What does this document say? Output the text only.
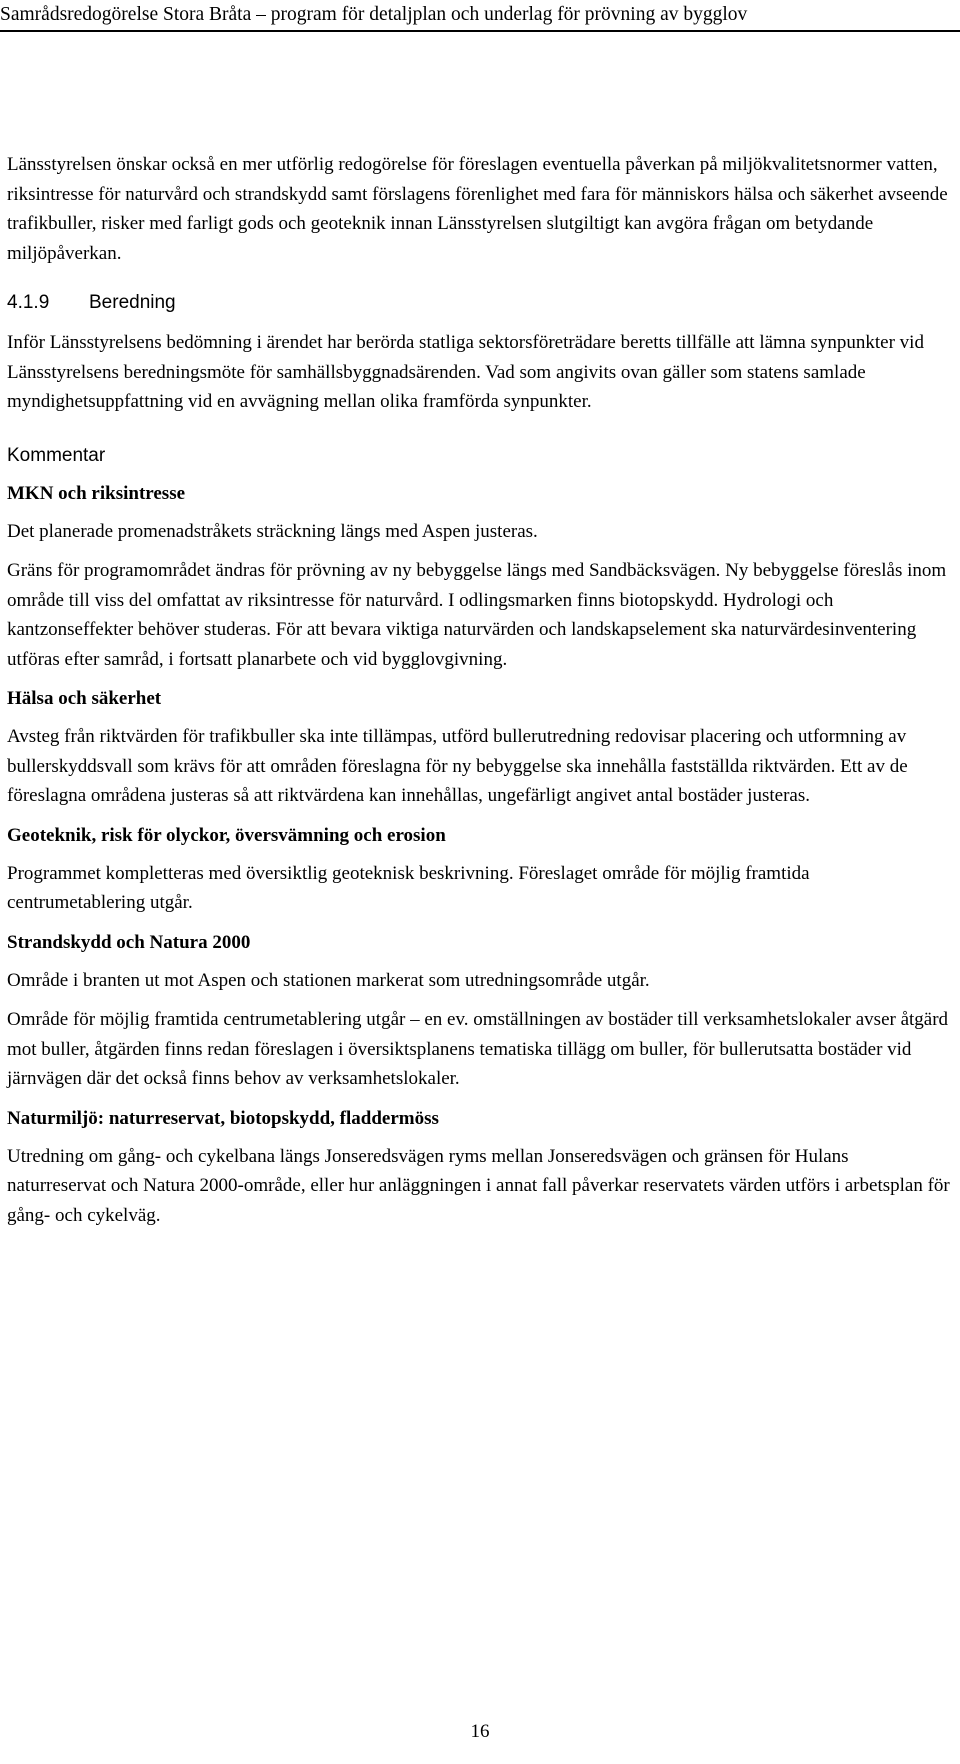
Samrådsredogörelse Stora Bråta – program för detaljplan och underlag för prövning av bygglov

Länsstyrelsen önskar också en mer utförlig redogörelse för föreslagen eventuella påverkan på miljökvalitetsnormer vatten, riksintresse för naturvård och strandskydd samt förslagens förenlighet med fara för människors hälsa och säkerhet avseende trafikbuller, risker med farligt gods och geoteknik innan Länsstyrelsen slutgiltigt kan avgöra frågan om betydande miljöpåverkan.

4.1.9 Beredning

Inför Länsstyrelsens bedömning i ärendet har berörda statliga sektorsföreträdare beretts tillfälle att lämna synpunkter vid Länsstyrelsens beredningsmöte för samhällsbyggnadsärenden. Vad som angivits ovan gäller som statens samlade myndighetsuppfattning vid en avvägning mellan olika framförda synpunkter.

Kommentar
MKN och riksintresse

Det planerade promenadstråkets sträckning längs med Aspen justeras.

Gräns för programområdet ändras för prövning av ny bebyggelse längs med Sandbäcksvägen. Ny bebyggelse föreslås inom område till viss del omfattat av riksintresse för naturvård. I odlingsmarken finns biotopskydd. Hydrologi och kantzonseffekter behöver studeras. För att bevara viktiga naturvärden och landskapselement ska naturvärdesinventering utföras efter samråd, i fortsatt planarbete och vid bygglovgivning.

Hälsa och säkerhet

Avsteg från riktvärden för trafikbuller ska inte tillämpas, utförd bullerutredning redovisar placering och utformning av bullerskyddsvall som krävs för att områden föreslagna för ny bebyggelse ska innehålla fastställda riktvärden. Ett av de föreslagna områdena justeras så att riktvärdena kan innehållas, ungefärligt angivet antal bostäder justeras.

Geoteknik, risk för olyckor, översvämning och erosion

Programmet kompletteras med översiktlig geoteknisk beskrivning. Föreslaget område för möjlig framtida centrumetablering utgår.

Strandskydd och Natura 2000

Område i branten ut mot Aspen och stationen markerat som utredningsområde utgår.

Område för möjlig framtida centrumetablering utgår – en ev. omställningen av bostäder till verksamhetslokaler avser åtgärd mot buller, åtgärden finns redan föreslagen i översiktsplanens tematiska tillägg om buller, för bullerutsatta bostäder vid järnvägen där det också finns behov av verksamhetslokaler.

Naturmiljö: naturreservat, biotopskydd, fladdermöss

Utredning om gång- och cykelbana längs Jonseredsvägen ryms mellan Jonseredsvägen och gränsen för Hulans naturreservat och Natura 2000-område, eller hur anläggningen i annat fall påverkar reservatets värden utförs i arbetsplan för gång- och cykelväg.

16
